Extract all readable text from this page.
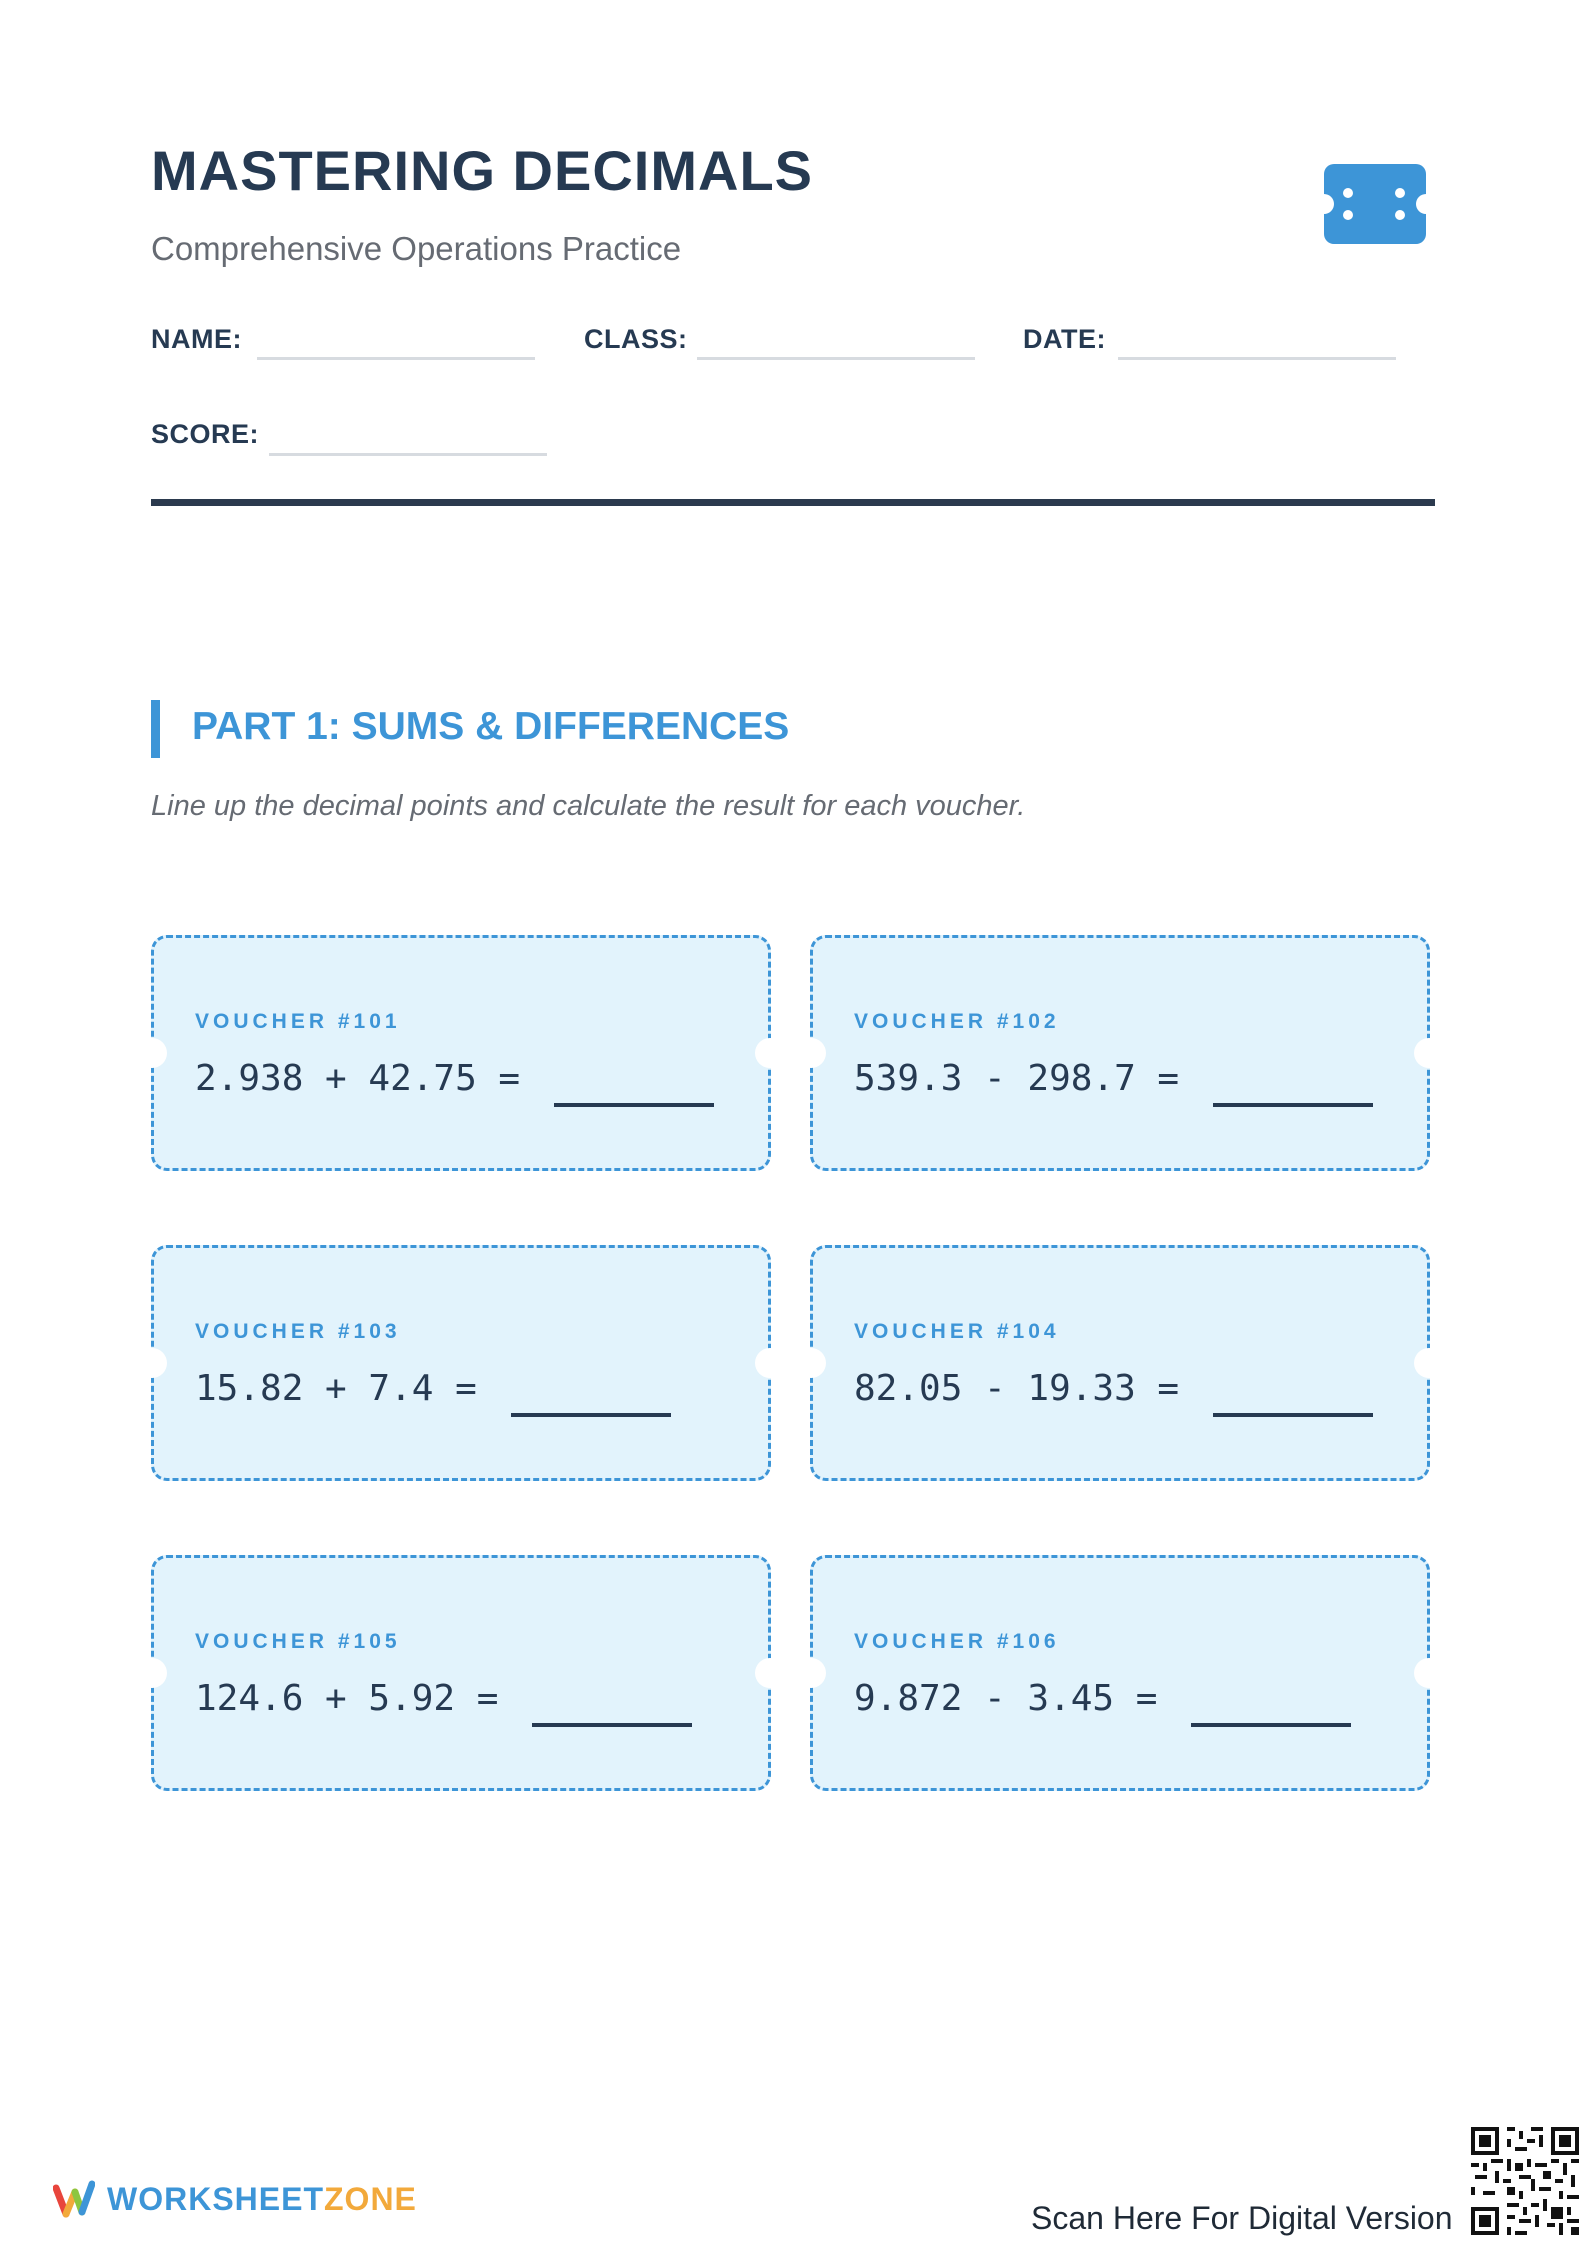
MASTERING DECIMALS

Comprehensive Operations Practice

NAME:	CLASS:	DATE:
SCORE:
PART 1: SUMS & DIFFERENCES

Line up the decimal points and calculate the result for each voucher.

VOUCHER #101
2.938 + 42.75 =
VOUCHER #102
539.3 - 298.7 =
VOUCHER #103
15.82 + 7.4 =
VOUCHER #104
82.05 - 19.33 =
VOUCHER #105
124.6 + 5.92 =
VOUCHER #106
9.872 - 3.45 =
WORKSHEETZONE
Scan Here For Digital Version
